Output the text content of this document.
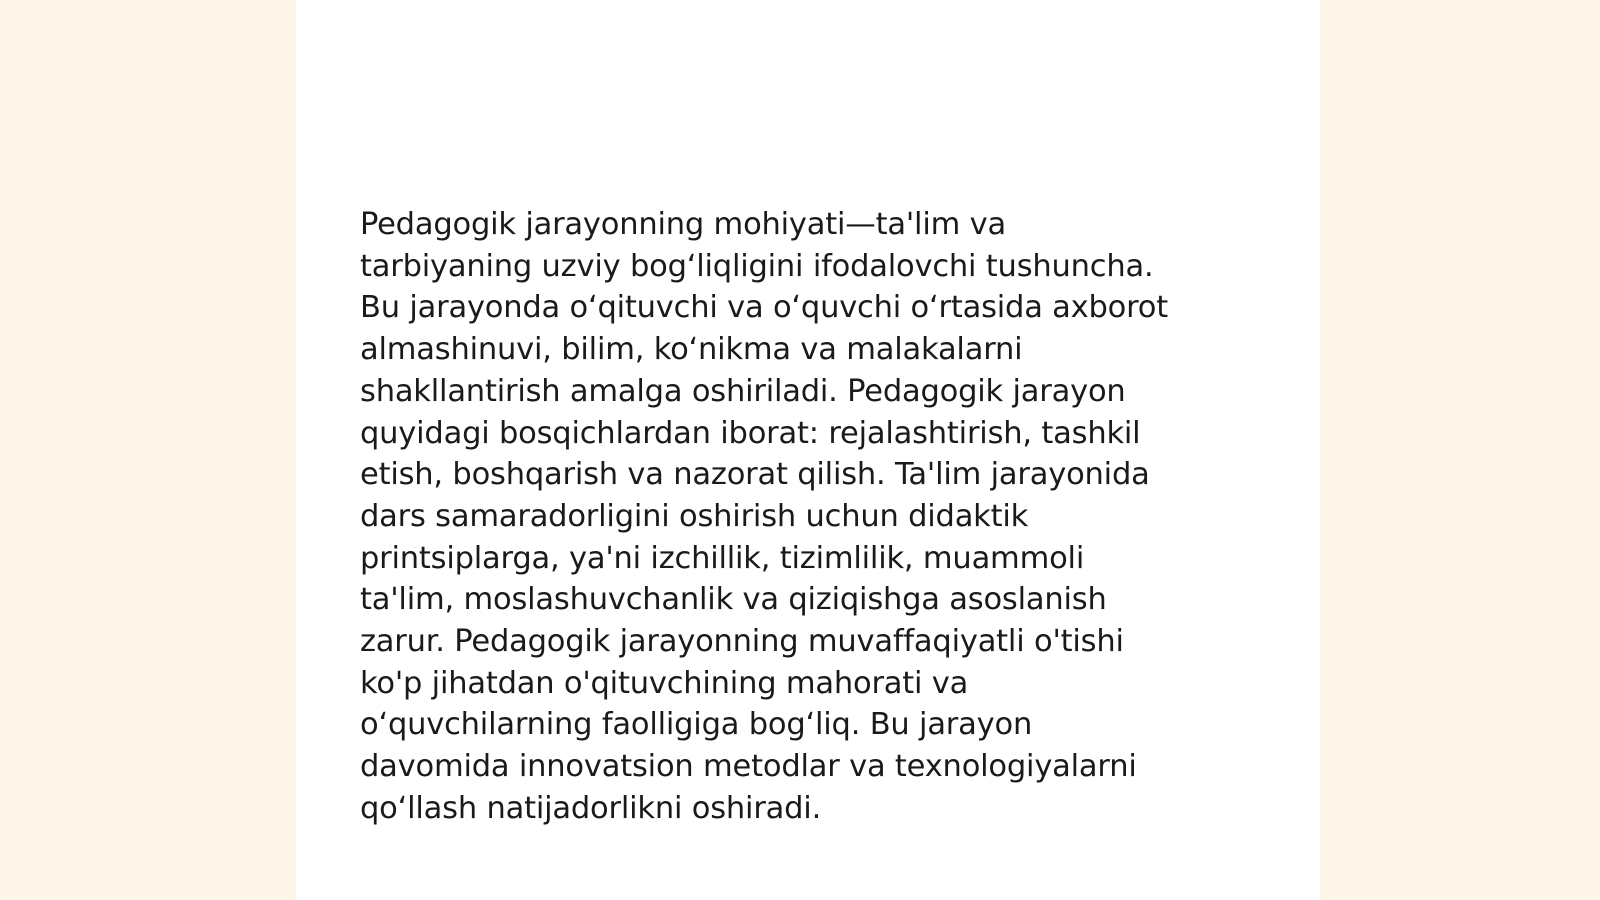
Pedagogik jarayonning mohiyati—ta'lim va
tarbiyaning uzviy bog‘liqligini ifodalovchi tushuncha.
Bu jarayonda o‘qituvchi va o‘quvchi o‘rtasida axborot
almashinuvi, bilim, ko‘nikma va malakalarni
shakllantirish amalga oshiriladi. Pedagogik jarayon
quyidagi bosqichlardan iborat: rejalashtirish, tashkil
etish, boshqarish va nazorat qilish. Ta'lim jarayonida
dars samaradorligini oshirish uchun didaktik
printsiplarga, ya'ni izchillik, tizimlilik, muammoli
ta'lim, moslashuvchanlik va qiziqishga asoslanish
zarur. Pedagogik jarayonning muvaffaqiyatli o'tishi
ko'p jihatdan o'qituvchining mahorati va
o‘quvchilarning faolligiga bog‘liq. Bu jarayon
davomida innovatsion metodlar va texnologiyalarni
qo‘llash natijadorlikni oshiradi.
